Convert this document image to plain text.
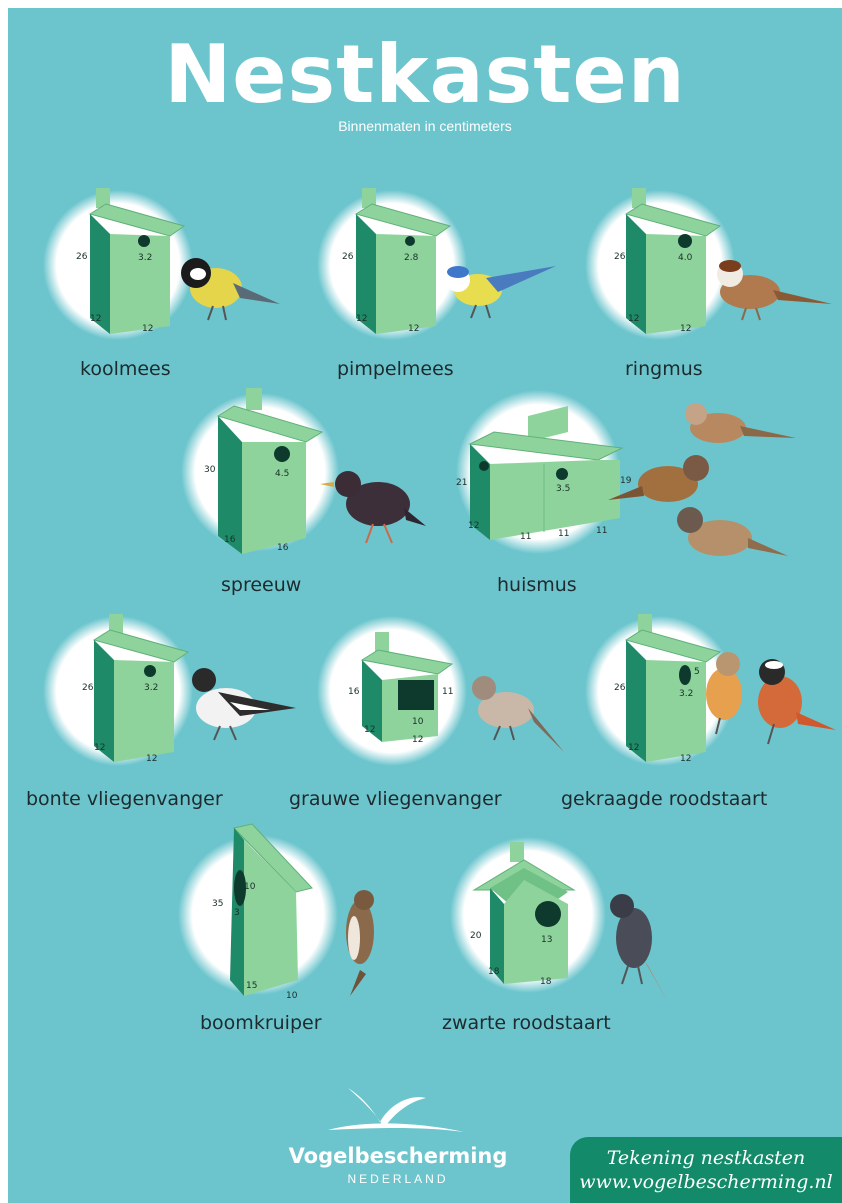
Nestkasten
Binnenmaten in centimeters
3.2
26
12
12
2.8
26
12
12
4.0
26
12
12
4.5
30
16
16
3.5
21	19
12
11	11	11
3.2
26
12
12
16	11
10
12
12
5
3.2
26
12
12
10
3
35
15
10
13
20
18
18
koolmees	pimpelmees	ringmus
spreeuw	huismus
bonte vliegenvanger	grauwe vliegenvanger	gekraagde roodstaart
boomkruiper	zwarte roodstaart
Vogelbescherming
NEDERLAND
Tekening nestkasten
www.vogelbescherming.nl
